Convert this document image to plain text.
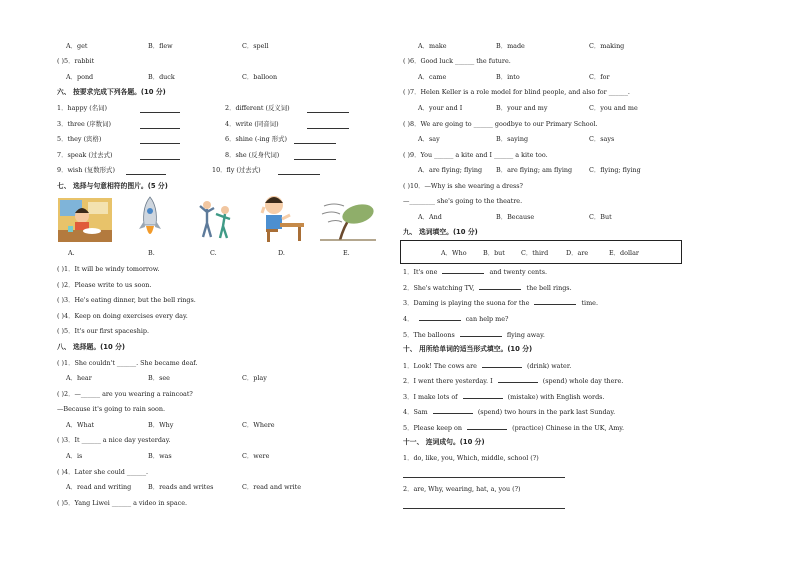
A．get	B．flew	C．spell
( )5．rabbit
A．pond	B．duck	C．balloon
六、 按要求完成下列各题。(10 分)
1．happy (名词)	2．different (反义词)
3．three (序数词)	4．write (同音词)
5．they (宾格)	6．shine (-ing 形式)
7．speak (过去式)	8．she (反身代词)
9．wish (复数形式)	10．fly (过去式)
七、 选择与句意相符的图片。(5 分)
A.	B.	C.	D.	E.
( )1．It will be windy tomorrow.
( )2．Please write to us soon.
( )3．He's eating dinner, but the bell rings.
( )4．Keep on doing exercises every day.
( )5．It's our first spaceship.
八、 选择题。(10 分)
( )1．She couldn't ______. She became deaf.
A．hear	B．see	C．play
( )2．—______ are you wearing a raincoat?
—Because it's going to rain soon.
A．What	B．Why	C．Where
( )3．It ______ a nice day yesterday.
A．is	B．was	C．were
( )4．Later she could ______.
A．read and writing	B．reads and writes	C．read and write
( )5．Yang Liwei ______ a video in space.
A．make	B．made	C．making
( )6．Good luck ______ the future.
A．came	B．into	C．for
( )7．Helen Keller is a role model for blind people, and also for ______.
A．your and I	B．your and my	C．you and me
( )8．We are going to ______ goodbye to our Primary School.
A．say	B．saying	C．says
( )9．You ______ a kite and I ______ a kite too.
A．are flying; flying B．are flying; am flying	C．flying; flying
( )10．—Why is she wearing a dress?
—________ she's going to the theatre.
A．And	B．Because	C．But
九、 选词填空。(10 分)
A．Who	B．but	C．third	D．are	E．dollar
1．It's one	and twenty cents.
2．She's watching TV,	the bell rings.
3．Daming is playing the suona for the	time.
4．	can help me?
5．The balloons	flying away.
十、 用所给单词的适当形式填空。(10 分)
1．Look! The cows are	(drink) water.
2．I went there yesterday. I	(spend) whole day there.
3．I make lots of	(mistake) with English words.
4．Sam	(spend) two hours in the park last Sunday.
5．Please keep on	(practice) Chinese in the UK, Amy.
十一、 连词成句。(10 分)
1．do, like, you, Which, middle, school (?)
2．are, Why, wearing, hat, a, you (?)
